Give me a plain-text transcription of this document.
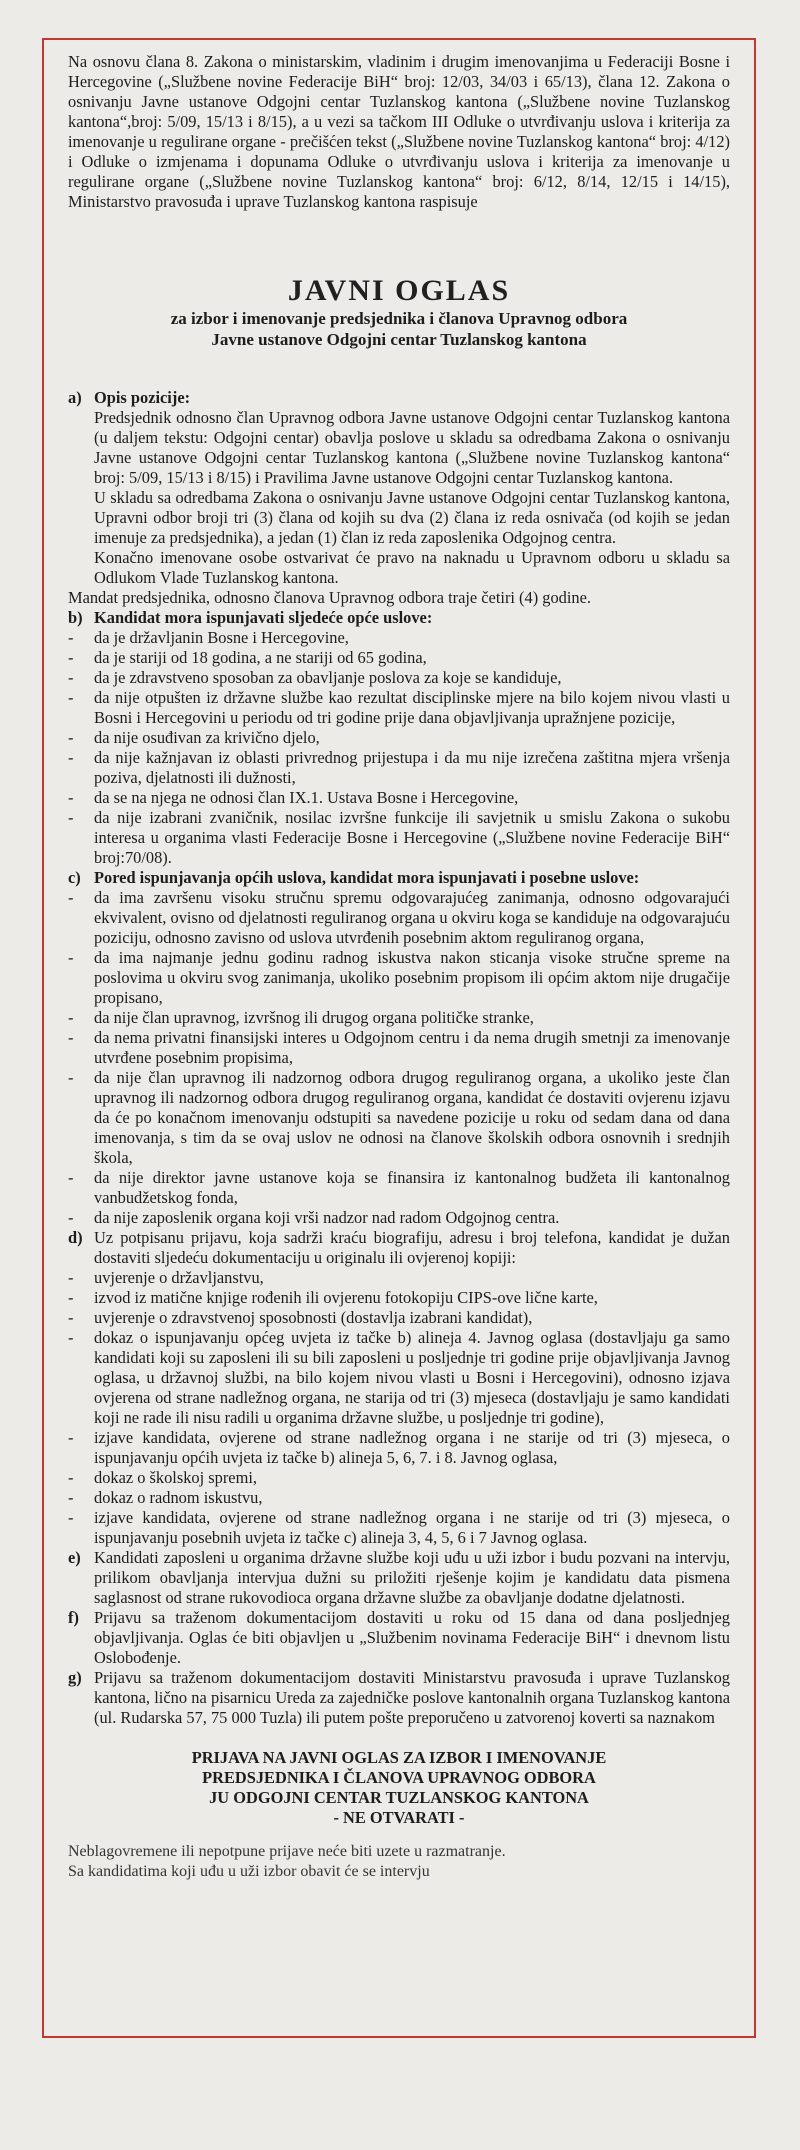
Na osnovu člana 8. Zakona o ministarskim, vladinim i drugim imenovanjima u Federaciji Bosne i Hercegovine („Službene novine Federacije BiH“ broj: 12/03, 34/03 i 65/13), člana 12. Zakona o osnivanju Javne ustanove Odgojni centar Tuzlanskog kantona („Službene novine Tuzlanskog kantona“,broj: 5/09, 15/13 i 8/15), a u vezi sa tačkom III Odluke o utvrđivanju uslova i kriterija za imenovanje u regulirane organe - prečišćen tekst („Službene novine Tuzlanskog kantona“ broj: 4/12) i Odluke o izmjenama i dopunama Odluke o utvrđivanju uslova i kriterija za imenovanje u regulirane organe („Službene novine Tuzlanskog kantona“ broj: 6/12, 8/14, 12/15 i 14/15), Ministarstvo pravosuđa i uprave Tuzlanskog kantona raspisuje

JAVNI OGLAS
za izbor i imenovanje predsjednika i članova Upravnog odbora
Javne ustanove Odgojni centar Tuzlanskog kantona
a) Opis pozicije:
Predsjednik odnosno član Upravnog odbora Javne ustanove Odgojni centar Tuzlanskog kantona (u daljem tekstu: Odgojni centar) obavlja poslove u skladu sa odredbama Zakona o osnivanju Javne ustanove Odgojni centar Tuzlanskog kantona („Službene novine Tuzlanskog kantona“ broj: 5/09, 15/13 i 8/15) i Pravilima Javne ustanove Odgojni centar Tuzlanskog kantona.
U skladu sa odredbama Zakona o osnivanju Javne ustanove Odgojni centar Tuzlanskog kantona, Upravni odbor broji tri (3) člana od kojih su dva (2) člana iz reda osnivača (od kojih se jedan imenuje za predsjednika), a jedan (1) član iz reda zaposlenika Odgojnog centra.
Konačno imenovane osobe ostvarivat će pravo na naknadu u Upravnom odboru u skladu sa Odlukom Vlade Tuzlanskog kantona.
Mandat predsjednika, odnosno članova Upravnog odbora traje četiri (4) godine.
b) Kandidat mora ispunjavati sljedeće opće uslove:
- da je državljanin Bosne i Hercegovine,
- da je stariji od 18 godina, a ne stariji od 65 godina,
- da je zdravstveno sposoban za obavljanje poslova za koje se kandiduje,
- da nije otpušten iz državne službe kao rezultat disciplinske mjere na bilo kojem nivou vlasti u Bosni i Hercegovini u periodu od tri godine prije dana objavljivanja upražnjene pozicije,
- da nije osuđivan za krivično djelo,
- da nije kažnjavan iz oblasti privrednog prijestupa i da mu nije izrečena zaštitna mjera vršenja poziva, djelatnosti ili dužnosti,
- da se na njega ne odnosi član IX.1. Ustava Bosne i Hercegovine,
- da nije izabrani zvaničnik, nosilac izvršne funkcije ili savjetnik u smislu Zakona o sukobu interesa u organima vlasti Federacije Bosne i Hercegovine („Službene novine Federacije BiH“ broj:70/08).
c) Pored ispunjavanja općih uslova, kandidat mora ispunjavati i posebne uslove:
- da ima završenu visoku stručnu spremu odgovarajućeg zanimanja, odnosno odgovarajući ekvivalent, ovisno od djelatnosti reguliranog organa u okviru koga se kandiduje na odgovarajuću poziciju, odnosno zavisno od uslova utvrđenih posebnim aktom reguliranog organa,
- da ima najmanje jednu godinu radnog iskustva nakon sticanja visoke stručne spreme na poslovima u okviru svog zanimanja, ukoliko posebnim propisom ili općim aktom nije drugačije propisano,
- da nije član upravnog, izvršnog ili drugog organa političke stranke,
- da nema privatni finansijski interes u Odgojnom centru i da nema drugih smetnji za imenovanje utvrđene posebnim propisima,
- da nije član upravnog ili nadzornog odbora drugog reguliranog organa, a ukoliko jeste član upravnog ili nadzornog odbora drugog reguliranog organa, kandidat će dostaviti ovjerenu izjavu da će po konačnom imenovanju odstupiti sa navedene pozicije u roku od sedam dana od dana imenovanja, s tim da se ovaj uslov ne odnosi na članove školskih odbora osnovnih i srednjih škola,
- da nije direktor javne ustanove koja se finansira iz kantonalnog budžeta ili kantonalnog vanbudžetskog fonda,
- da nije zaposlenik organa koji vrši nadzor nad radom Odgojnog centra.
d) Uz potpisanu prijavu, koja sadrži kraću biografiju, adresu i broj telefona, kandidat je dužan dostaviti sljedeću dokumentaciju u originalu ili ovjerenoj kopiji:
- uvjerenje o državljanstvu,
- izvod iz matične knjige rođenih ili ovjerenu fotokopiju CIPS-ove lične karte,
- uvjerenje o zdravstvenoj sposobnosti (dostavlja izabrani kandidat),
- dokaz o ispunjavanju općeg uvjeta iz tačke b) alineja 4. Javnog oglasa (dostavljaju ga samo kandidati koji su zaposleni ili su bili zaposleni u posljednje tri godine prije objavljivanja Javnog oglasa, u državnoj službi, na bilo kojem nivou vlasti u Bosni i Hercegovini), odnosno izjava ovjerena od strane nadležnog organa, ne starija od tri (3) mjeseca (dostavljaju je samo kandidati koji ne rade ili nisu radili u organima državne službe, u posljednje tri godine),
- izjave kandidata, ovjerene od strane nadležnog organa i ne starije od tri (3) mjeseca, o ispunjavanju općih uvjeta iz tačke b) alineja 5, 6, 7. i 8. Javnog oglasa,
- dokaz o školskoj spremi,
- dokaz o radnom iskustvu,
- izjave kandidata, ovjerene od strane nadležnog organa i ne starije od tri (3) mjeseca, o ispunjavanju posebnih uvjeta iz tačke c) alineja 3, 4, 5, 6 i 7 Javnog oglasa.
e) Kandidati zaposleni u organima državne službe koji uđu u uži izbor i budu pozvani na intervju, prilikom obavljanja intervjua dužni su priložiti rješenje kojim je kandidatu data pismena saglasnost od strane rukovodioca organa državne službe za obavljanje dodatne djelatnosti.
f) Prijavu sa traženom dokumentacijom dostaviti u roku od 15 dana od dana posljednjeg objavljivanja. Oglas će biti objavljen u „Službenim novinama Federacije BiH“ i dnevnom listu Oslobođenje.
g) Prijavu sa traženom dokumentacijom dostaviti Ministarstvu pravosuđa i uprave Tuzlanskog kantona, lično na pisarnicu Ureda za zajedničke poslove kantonalnih organa Tuzlanskog kantona (ul. Rudarska 57, 75 000 Tuzla) ili putem pošte preporučeno u zatvorenoj koverti sa naznakom
PRIJAVA NA JAVNI OGLAS ZA IZBOR I IMENOVANJE
PREDSJEDNIKA I ČLANOVA UPRAVNOG ODBORA
JU ODGOJNI CENTAR TUZLANSKOG KANTONA
- NE OTVARATI -
Neblagovremene ili nepotpune prijave neće biti uzete u razmatranje.
Sa kandidatima koji uđu u uži izbor obavit će se intervju
